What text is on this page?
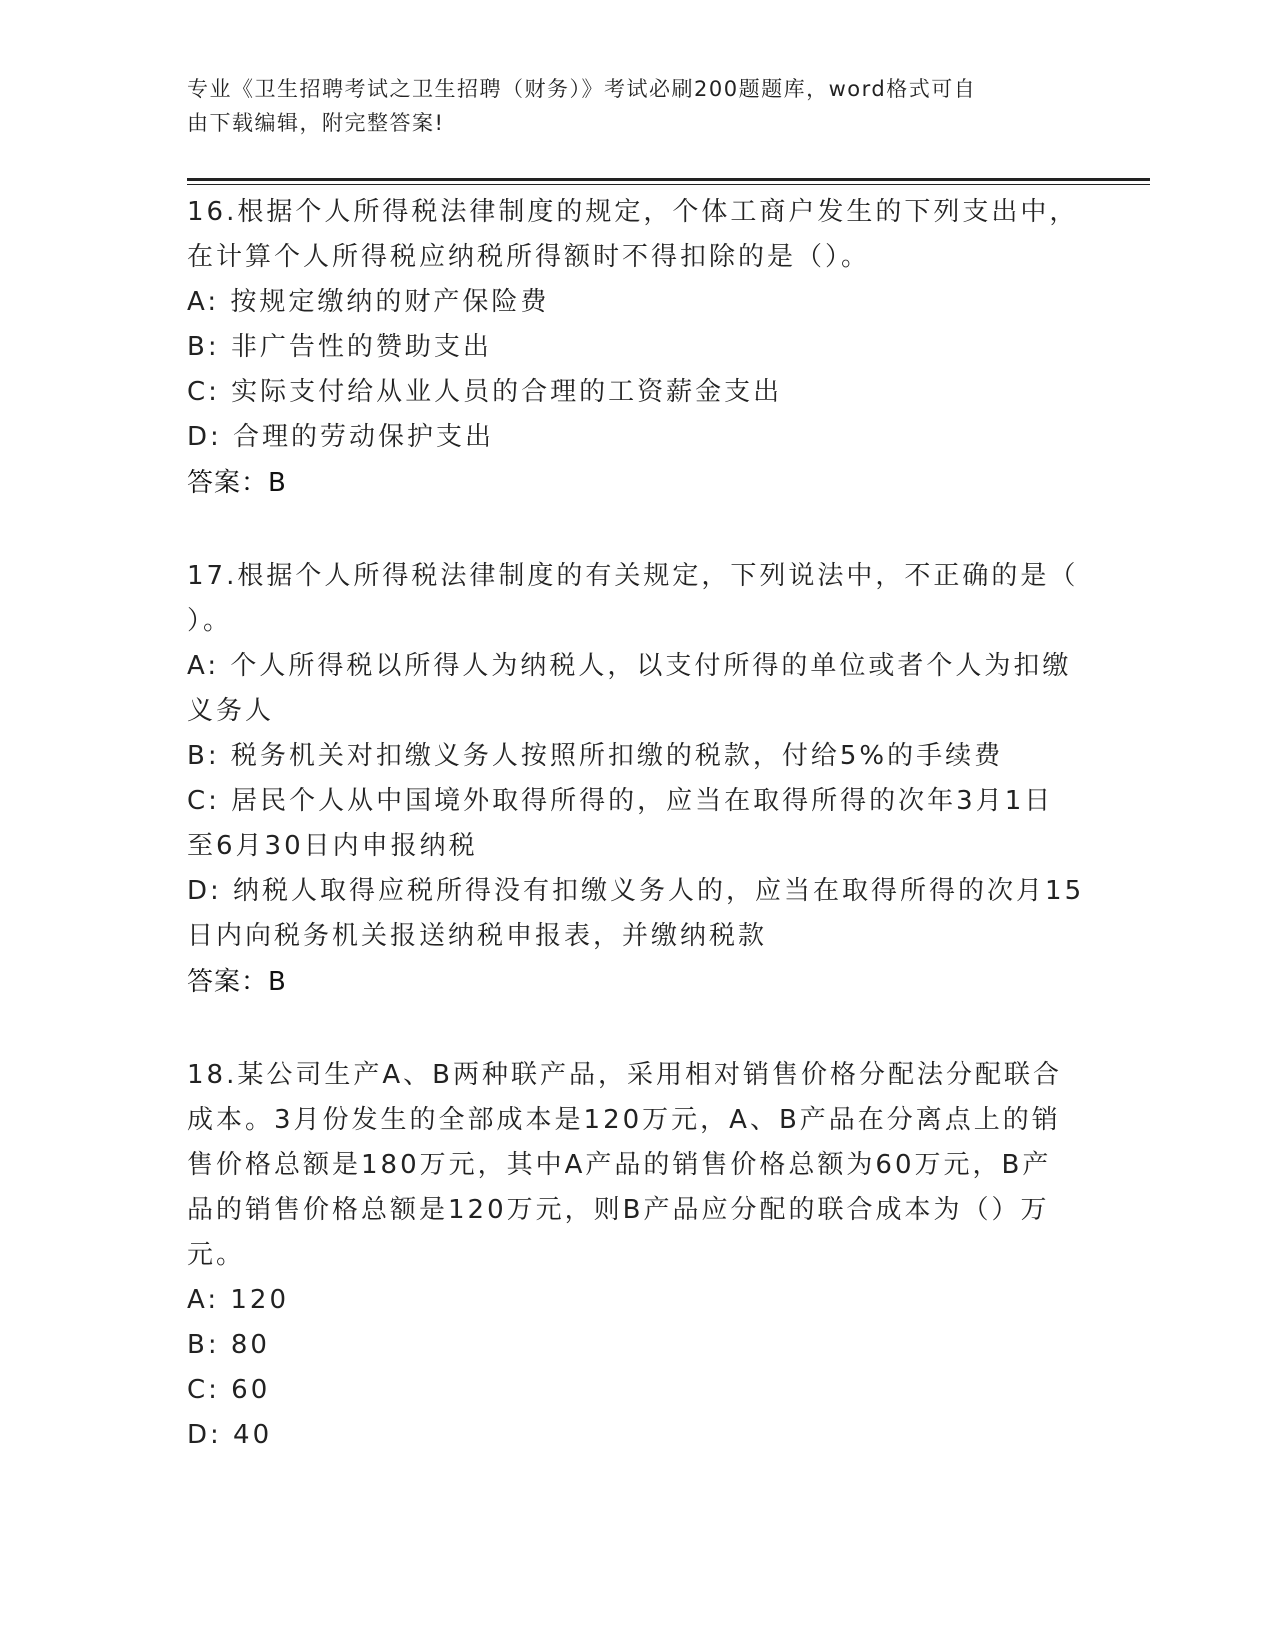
专业《卫生招聘考试之卫生招聘（财务）》考试必刷200题题库，word格式可自
由下载编辑，附完整答案!
16.根据个人所得税法律制度的规定，个体工商户发生的下列支出中，
在计算个人所得税应纳税所得额时不得扣除的是（）。
A: 按规定缴纳的财产保险费
B: 非广告性的赞助支出
C: 实际支付给从业人员的合理的工资薪金支出
D: 合理的劳动保护支出
答案：B
17.根据个人所得税法律制度的有关规定，下列说法中，不正确的是（
）。
A: 个人所得税以所得人为纳税人，以支付所得的单位或者个人为扣缴
义务人
B: 税务机关对扣缴义务人按照所扣缴的税款，付给5%的手续费
C: 居民个人从中国境外取得所得的，应当在取得所得的次年3月1日
至6月30日内申报纳税
D: 纳税人取得应税所得没有扣缴义务人的，应当在取得所得的次月15
日内向税务机关报送纳税申报表，并缴纳税款
答案：B
18.某公司生产A、B两种联产品，采用相对销售价格分配法分配联合
成本。3月份发生的全部成本是120万元，A、B产品在分离点上的销
售价格总额是180万元，其中A产品的销售价格总额为60万元，B产
品的销售价格总额是120万元，则B产品应分配的联合成本为（）万
元。
A: 120
B: 80
C: 60
D: 40
